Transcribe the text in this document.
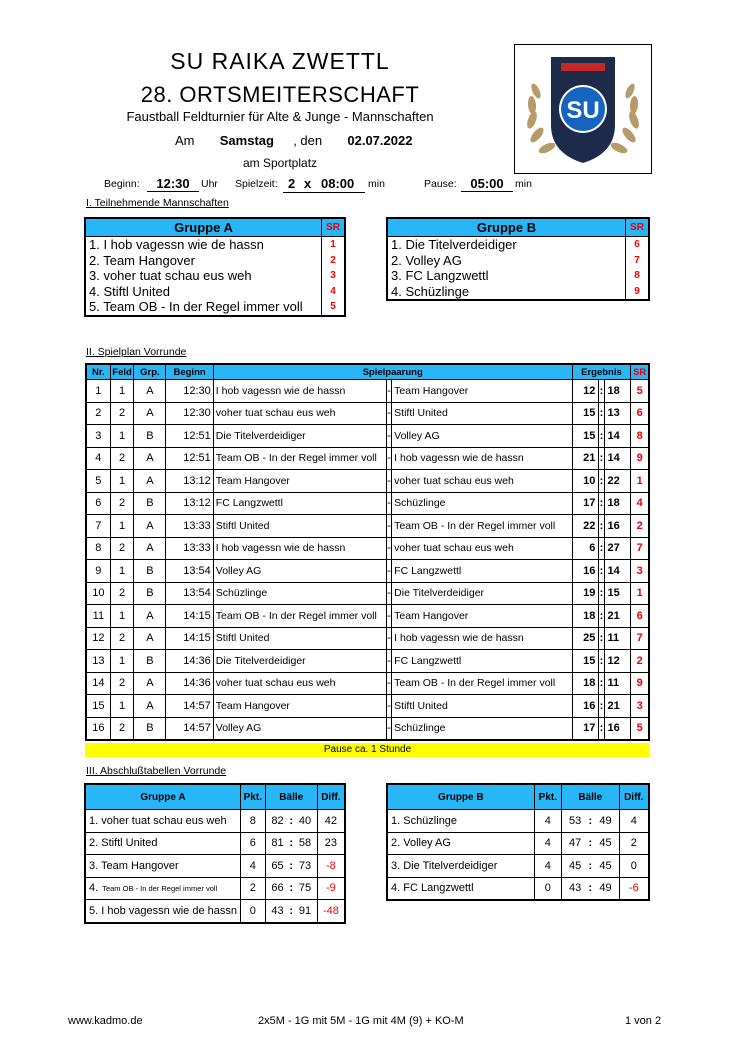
SU RAIKA ZWETTL
28. ORTSMEITERSCHAFT
Faustball Feldturnier für Alte & Junge - Mannschaften
Am Samstag , den 02.07.2022
am Sportplatz
SU
Beginn:	12:30	Uhr Spielzeit: 2 x 08:00 min	Pause:	05:00	min
I. Teilnehmende Mannschaften
Gruppe A	SR
1. I hob vagessn wie de hassn	1
2. Team Hangover	2
3. voher tuat schau eus weh	3
4. Stiftl United	4
5. Team OB - In der Regel immer voll	5
Gruppe B	SR
1. Die Titelverdeidiger	6
2. Volley AG	7
3. FC Langzwettl	8
4. Schüzlinge	9
II. Spielplan Vorrunde
Nr.	Feld	Grp.	Beginn	Spielpaarung			Ergebnis			SR
1	1	A	12:30	I hob vagessn wie de hassn	-	Team Hangover	12	:	18	5
2	2	A	12:30	voher tuat schau eus weh	-	Stiftl United	15	:	13	6
3	1	B	12:51	Die Titelverdeidiger	-	Volley AG	15	:	14	8
4	2	A	12:51	Team OB - In der Regel immer voll	-	I hob vagessn wie de hassn	21	:	14	9
5	1	A	13:12	Team Hangover	-	voher tuat schau eus weh	10	:	22	1
6	2	B	13:12	FC Langzwettl	-	Schüzlinge	17	:	18	4
7	1	A	13:33	Stiftl United	-	Team OB - In der Regel immer voll	22	:	16	2
8	2	A	13:33	I hob vagessn wie de hassn	-	voher tuat schau eus weh	6	:	27	7
9	1	B	13:54	Volley AG	-	FC Langzwettl	16	:	14	3
10	2	B	13:54	Schüzlinge	-	Die Titelverdeidiger	19	:	15	1
11	1	A	14:15	Team OB - In der Regel immer voll	-	Team Hangover	18	:	21	6
12	2	A	14:15	Stiftl United	-	I hob vagessn wie de hassn	25	:	11	7
13	1	B	14:36	Die Titelverdeidiger	-	FC Langzwettl	15	:	12	2
14	2	A	14:36	voher tuat schau eus weh	-	Team OB - In der Regel immer voll	18	:	11	9
15	1	A	14:57	Team Hangover	-	Stiftl United	16	:	21	3
16	2	B	14:57	Volley AG	-	Schüzlinge	17	:	16	5
Pause ca. 1 Stunde
III. Abschlußtabellen Vorrunde
Gruppe A	Pkt.	Bälle			Diff.
1. voher tuat schau eus weh	8	82	:	40	42
2. Stiftl United	6	81	:	58	23
3. Team Hangover	4	65	:	73	-8
4. Team OB - In der Regel immer voll	2	66	:	75	-9
5. I hob vagessn wie de hassn	0	43	:	91	-48
Gruppe B	Pkt.	Bälle			Diff.
1. Schüzlinge	4	53	:	49	4
2. Volley AG	4	47	:	45	2
3. Die Titelverdeidiger	4	45	:	45	0
4. FC Langzwettl	0	43	:	49	-6
www.kadmo.de	2x5M - 1G mit 5M - 1G mit 4M (9) + KO-M	1 von 2
